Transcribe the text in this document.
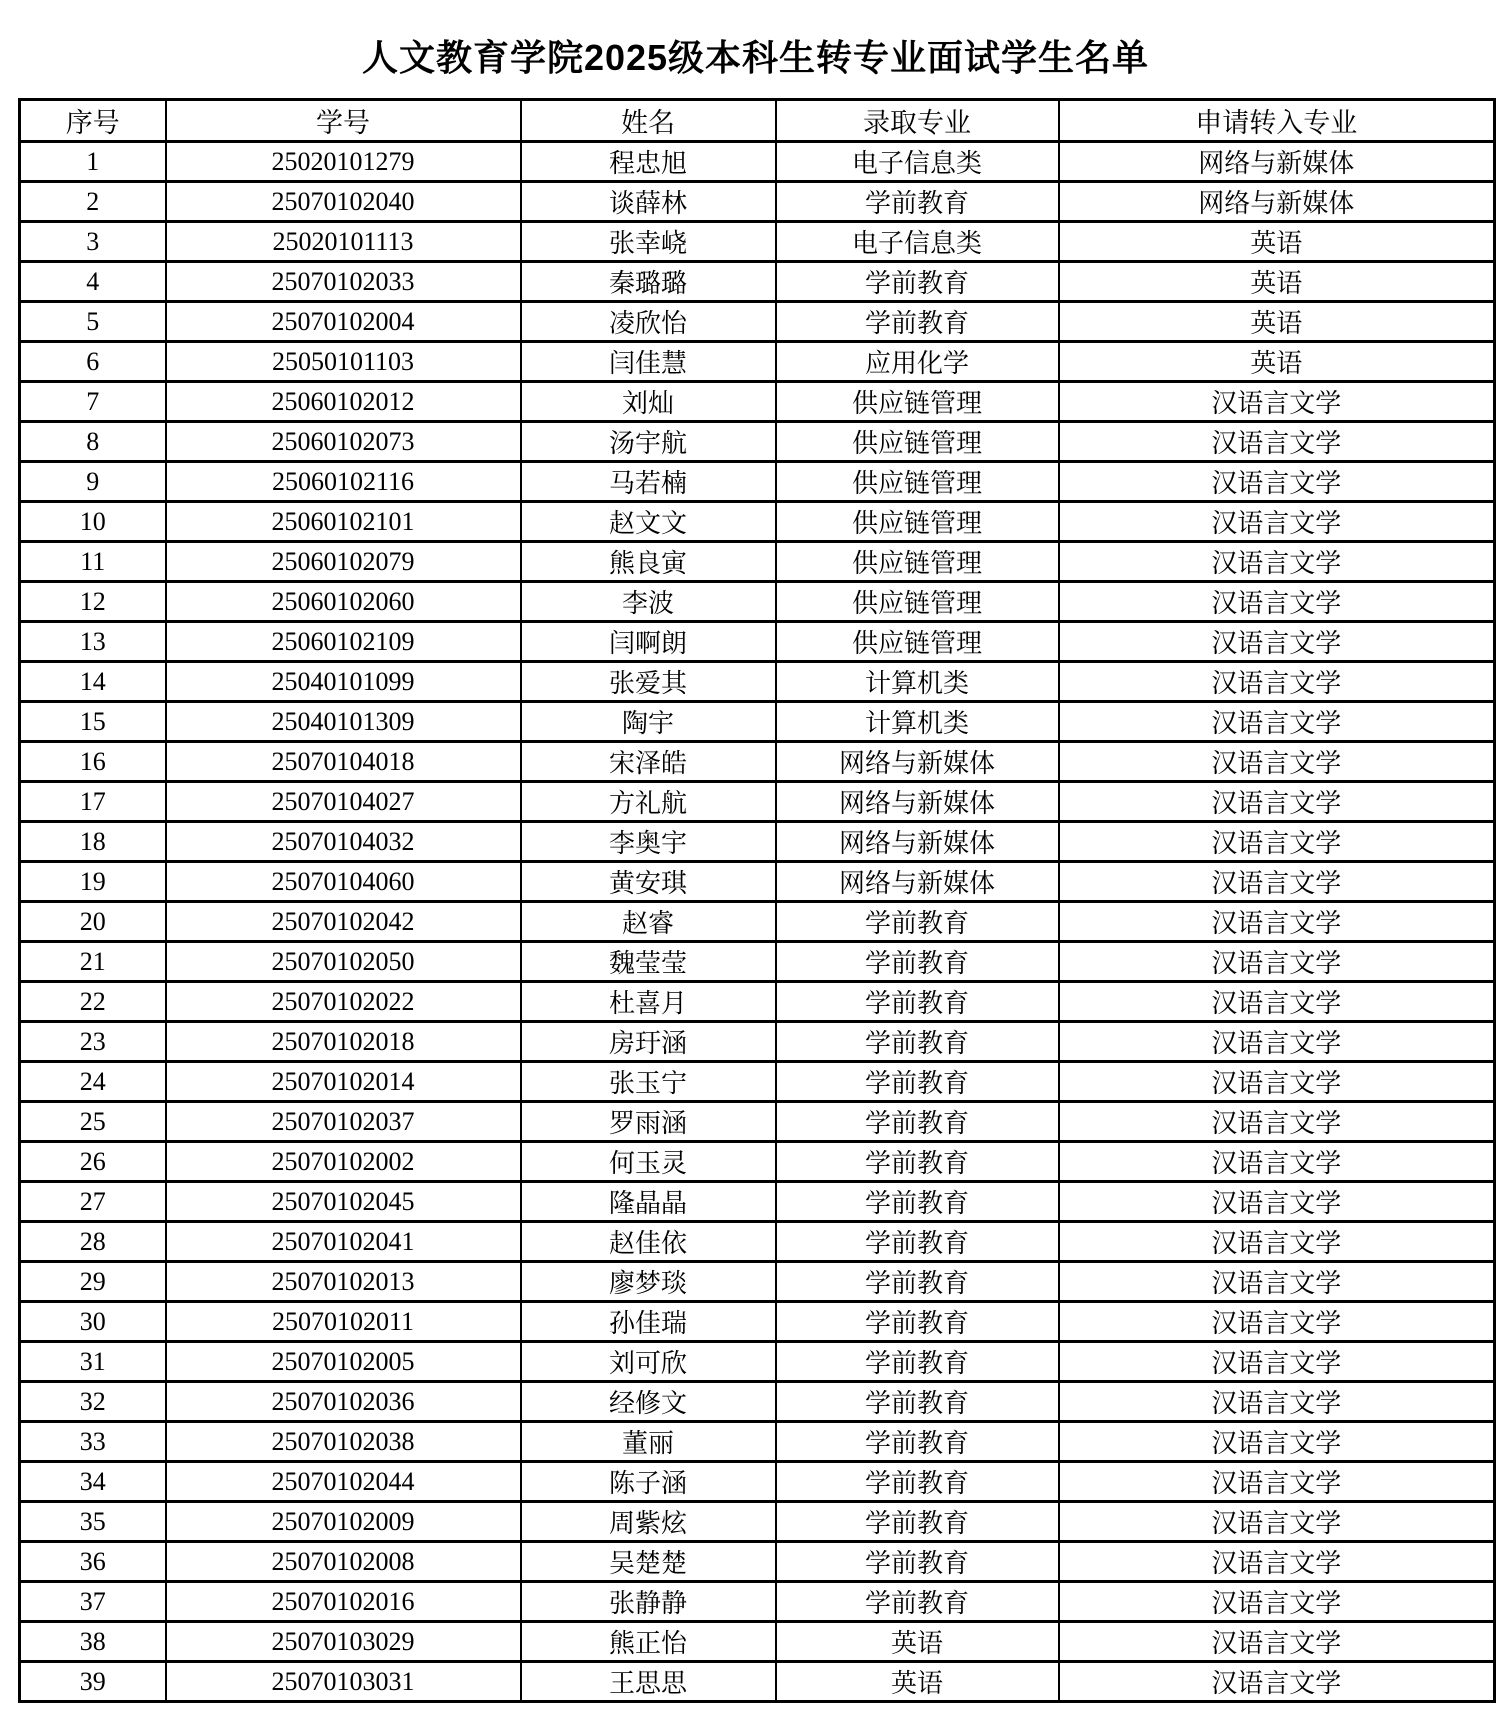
人文教育学院2025级本科生转专业面试学生名单
序号	学号	姓名	录取专业	申请转入专业
1	25020101279	程忠旭	电子信息类	网络与新媒体
2	25070102040	谈薛林	学前教育	网络与新媒体
3	25020101113	张幸峣	电子信息类	英语
4	25070102033	秦璐璐	学前教育	英语
5	25070102004	凌欣怡	学前教育	英语
6	25050101103	闫佳慧	应用化学	英语
7	25060102012	刘灿	供应链管理	汉语言文学
8	25060102073	汤宇航	供应链管理	汉语言文学
9	25060102116	马若楠	供应链管理	汉语言文学
10	25060102101	赵文文	供应链管理	汉语言文学
11	25060102079	熊良寅	供应链管理	汉语言文学
12	25060102060	李波	供应链管理	汉语言文学
13	25060102109	闫啊朗	供应链管理	汉语言文学
14	25040101099	张爱其	计算机类	汉语言文学
15	25040101309	陶宇	计算机类	汉语言文学
16	25070104018	宋泽皓	网络与新媒体	汉语言文学
17	25070104027	方礼航	网络与新媒体	汉语言文学
18	25070104032	李奥宇	网络与新媒体	汉语言文学
19	25070104060	黄安琪	网络与新媒体	汉语言文学
20	25070102042	赵睿	学前教育	汉语言文学
21	25070102050	魏莹莹	学前教育	汉语言文学
22	25070102022	杜喜月	学前教育	汉语言文学
23	25070102018	房玗涵	学前教育	汉语言文学
24	25070102014	张玉宁	学前教育	汉语言文学
25	25070102037	罗雨涵	学前教育	汉语言文学
26	25070102002	何玉灵	学前教育	汉语言文学
27	25070102045	隆晶晶	学前教育	汉语言文学
28	25070102041	赵佳依	学前教育	汉语言文学
29	25070102013	廖梦琰	学前教育	汉语言文学
30	25070102011	孙佳瑞	学前教育	汉语言文学
31	25070102005	刘可欣	学前教育	汉语言文学
32	25070102036	经修文	学前教育	汉语言文学
33	25070102038	董丽	学前教育	汉语言文学
34	25070102044	陈子涵	学前教育	汉语言文学
35	25070102009	周紫炫	学前教育	汉语言文学
36	25070102008	吴楚楚	学前教育	汉语言文学
37	25070102016	张静静	学前教育	汉语言文学
38	25070103029	熊正怡	英语	汉语言文学
39	25070103031	王思思	英语	汉语言文学
